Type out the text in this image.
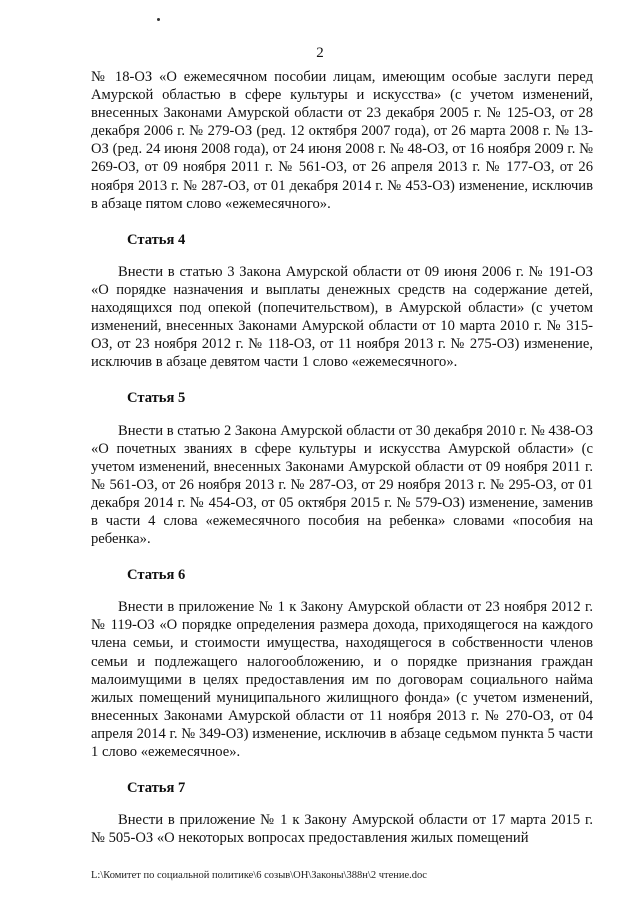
2

№ 18-ОЗ «О ежемесячном пособии лицам, имеющим особые заслуги перед Амурской областью в сфере культуры и искусства» (с учетом изменений, внесенных Законами Амурской области от 23 декабря 2005 г. № 125-ОЗ, от 28 декабря 2006 г. № 279-ОЗ (ред. 12 октября 2007 года), от 26 марта 2008 г. № 13-ОЗ (ред. 24 июня 2008 года), от 24 июня 2008 г. № 48-ОЗ, от 16 ноября 2009 г. № 269-ОЗ, от 09 ноября 2011 г. № 561-ОЗ, от 26 апреля 2013 г. № 177-ОЗ, от 26 ноября 2013 г. № 287-ОЗ, от 01 декабря 2014 г. № 453-ОЗ) изменение, исключив в абзаце пятом слово «ежемесячного».

Статья 4

Внести в статью 3 Закона Амурской области от 09 июня 2006 г. № 191-ОЗ «О порядке назначения и выплаты денежных средств на содержание детей, находящихся под опекой (попечительством), в Амурской области» (с учетом изменений, внесенных Законами Амурской области от 10 марта 2010 г. № 315-ОЗ, от 23 ноября 2012 г. № 118-ОЗ, от 11 ноября 2013 г. № 275-ОЗ) изменение, исключив в абзаце девятом части 1 слово «ежемесячного».

Статья 5

Внести в статью 2 Закона Амурской области от 30 декабря 2010 г. № 438-ОЗ «О почетных званиях в сфере культуры и искусства Амурской области» (с учетом изменений, внесенных Законами Амурской области от 09 ноября 2011 г. № 561-ОЗ, от 26 ноября 2013 г. № 287-ОЗ, от 29 ноября 2013 г. № 295-ОЗ, от 01 декабря 2014 г. № 454-ОЗ, от 05 октября 2015 г. № 579-ОЗ) изменение, заменив в части 4 слова «ежемесячного пособия на ребенка» словами «пособия на ребенка».

Статья 6

Внести в приложение № 1 к Закону Амурской области от 23 ноября 2012 г. № 119-ОЗ «О порядке определения размера дохода, приходящегося на каждого члена семьи, и стоимости имущества, находящегося в собственности членов семьи и подлежащего налогообложению, и о порядке признания граждан малоимущими в целях предоставления им по договорам социального найма жилых помещений муниципального жилищного фонда» (с учетом изменений, внесенных Законами Амурской области от 11 ноября 2013 г. № 270-ОЗ, от 04 апреля 2014 г. № 349-ОЗ) изменение, исключив в абзаце седьмом пункта 5 части 1 слово «ежемесячное».

Статья 7

Внести в приложение № 1 к Закону Амурской области от 17 марта 2015 г. № 505-ОЗ «О некоторых вопросах предоставления жилых помещений

L:\Комитет по социальной политике\6 созыв\ОН\Законы\388н\2 чтение.doc
